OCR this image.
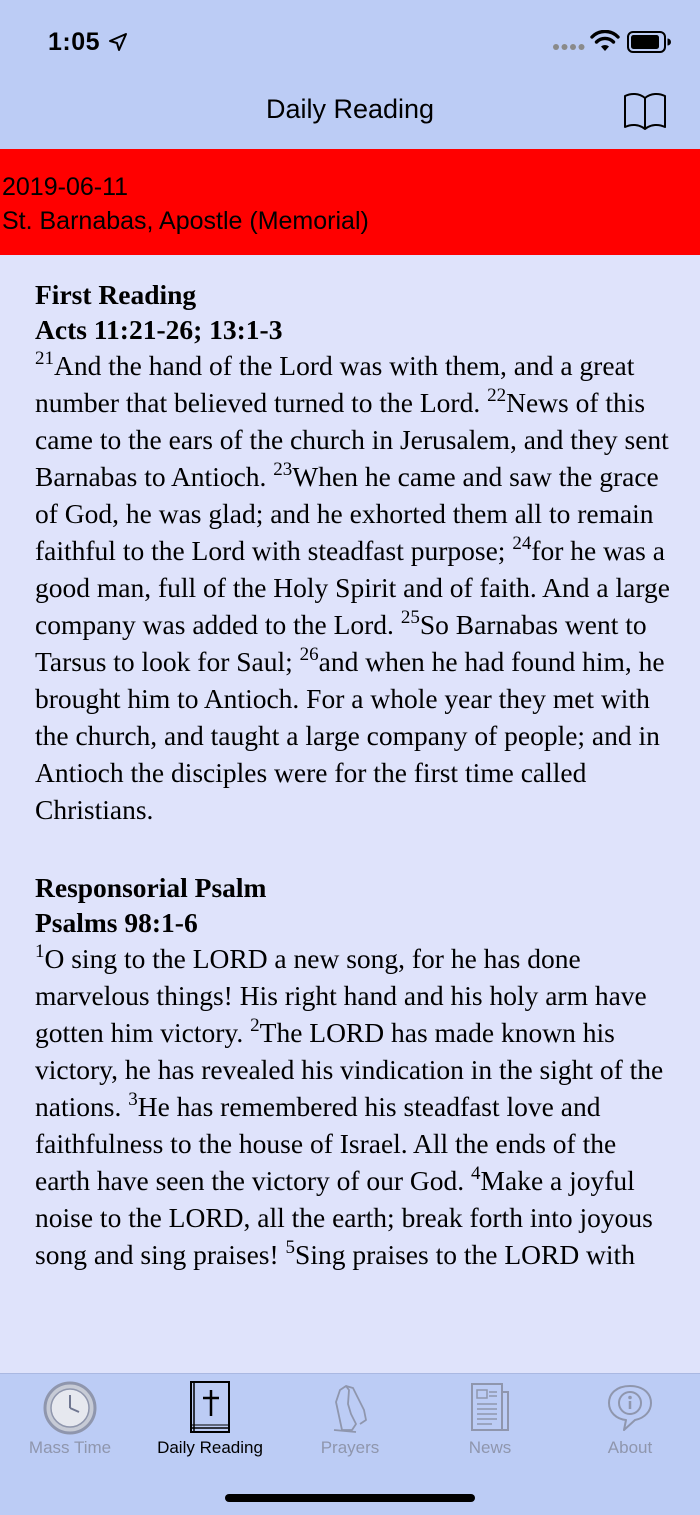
1:05
Daily Reading
2019-06-11
St. Barnabas, Apostle (Memorial)
First Reading
Acts 11:21-26; 13:1-3
$^{21}$And the hand of the Lord was with them, and a great number that believed turned to the Lord. $^{22}$News of this came to the ears of the church in Jerusalem, and they sent Barnabas to Antioch. $^{23}$When he came and saw the grace of God, he was glad; and he exhorted them all to remain faithful to the Lord with steadfast purpose; $^{24}$for he was a good man, full of the Holy Spirit and of faith. And a large company was added to the Lord. $^{25}$So Barnabas went to Tarsus to look for Saul; $^{26}$and when he had found him, he brought him to Antioch. For a whole year they met with the church, and taught a large company of people; and in Antioch the disciples were for the first time called Christians.
Responsorial Psalm
Psalms 98:1-6
$^1$O sing to the LORD a new song, for he has done marvelous things! His right hand and his holy arm have gotten him victory. $^2$The LORD has made known his victory, he has revealed his vindication in the sight of the nations. $^3$He has remembered his steadfast love and faithfulness to the house of Israel. All the ends of the earth have seen the victory of our God. $^4$Make a joyful noise to the LORD, all the earth; break forth into joyous song and sing praises! $^5$Sing praises to the LORD with
Mass Time	Daily Reading	Prayers	News	About
